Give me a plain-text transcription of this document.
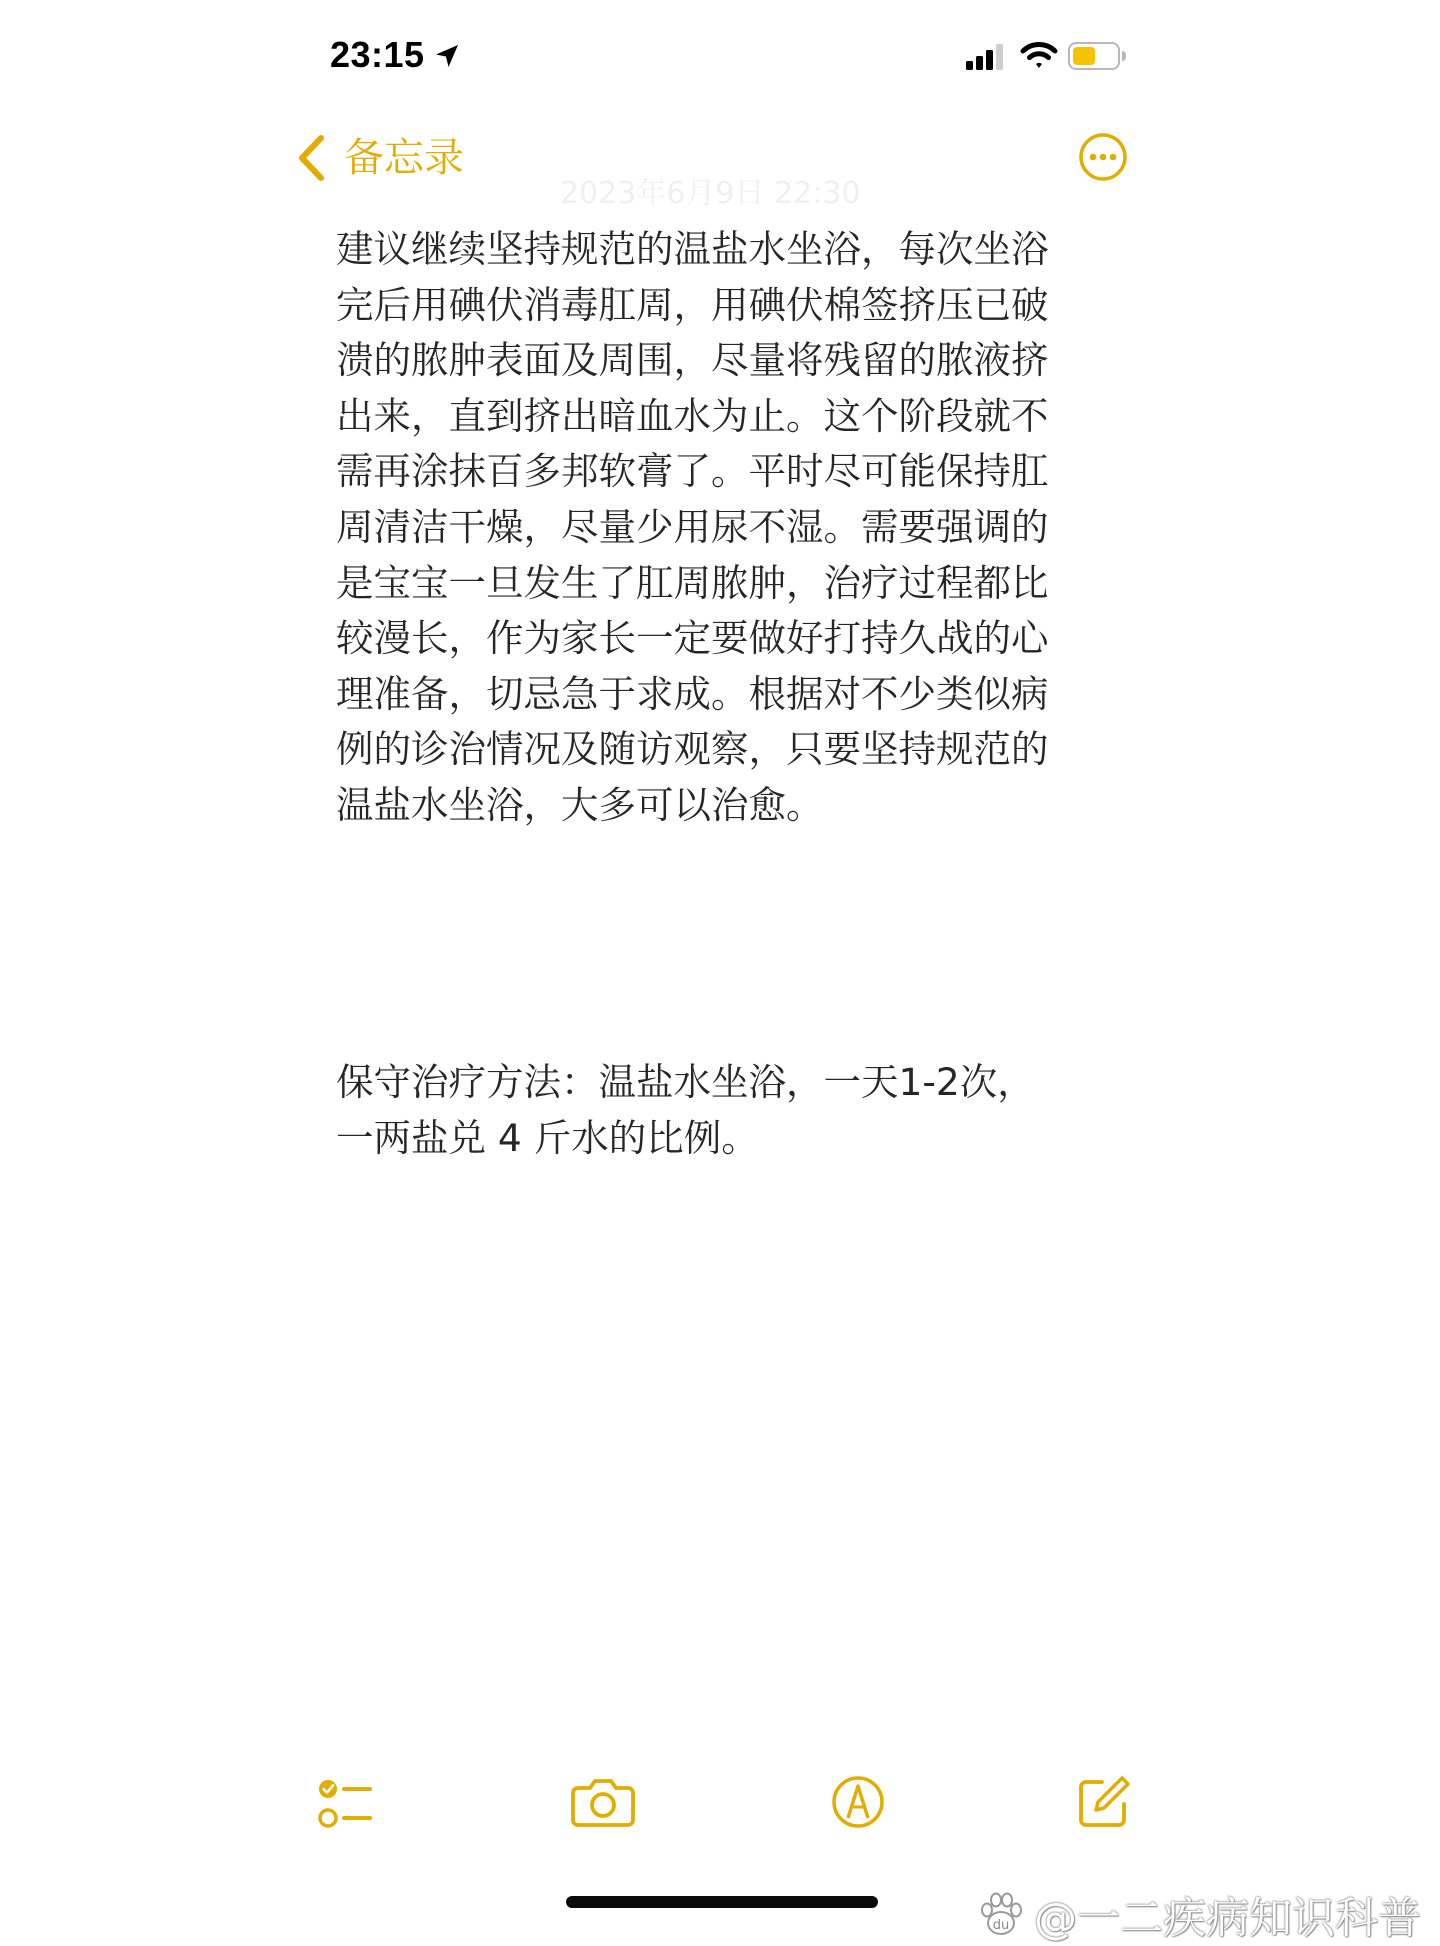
23:15
备忘录
2023年6月9日 22:30
建议继续坚持规范的温盐水坐浴，每次坐浴
完后用碘伏消毒肛周，用碘伏棉签挤压已破
溃的脓肿表面及周围，尽量将残留的脓液挤
出来，直到挤出暗血水为止。这个阶段就不
需再涂抹百多邦软膏了。平时尽可能保持肛
周清洁干燥，尽量少用尿不湿。需要强调的
是宝宝一旦发生了肛周脓肿，治疗过程都比
较漫长，作为家长一定要做好打持久战的心
理准备，切忌急于求成。根据对不少类似病
例的诊治情况及随访观察，只要坚持规范的
温盐水坐浴，大多可以治愈。
保守治疗方法：温盐水坐浴，一天1-2次，
一两盐兑 4 斤水的比例。
du @一二疾病知识科普
